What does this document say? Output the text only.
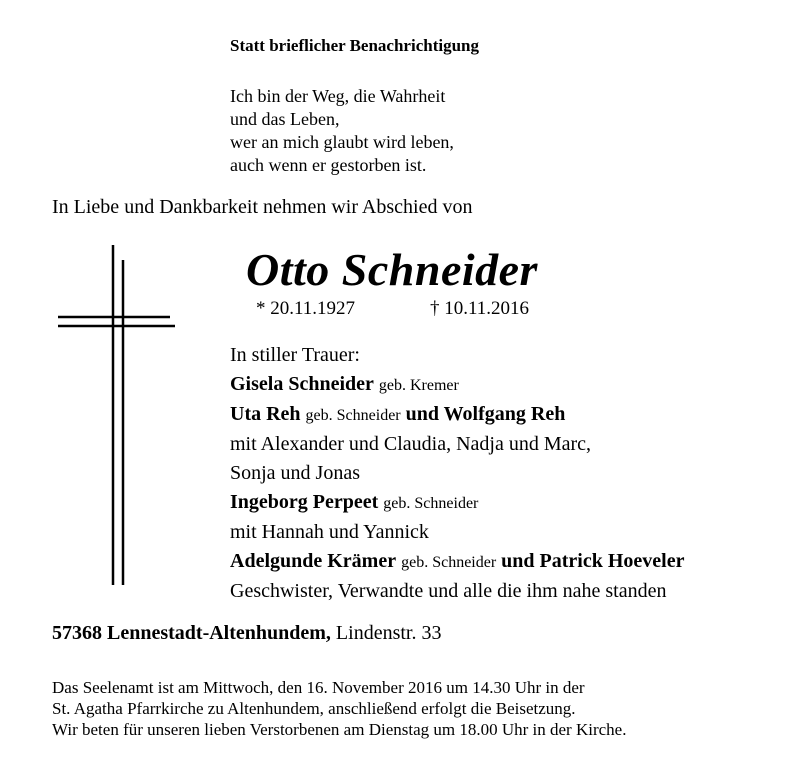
Statt brieflicher Benachrichtigung
Ich bin der Weg, die Wahrheit
und das Leben,
wer an mich glaubt wird leben,
auch wenn er gestorben ist.
In Liebe und Dankbarkeit nehmen wir Abschied von
Otto Schneider
* 20.11.1927	† 10.11.2016
In stiller Trauer:
Gisela Schneider geb. Kremer
Uta Reh geb. Schneider und Wolfgang Reh
mit Alexander und Claudia, Nadja und Marc,
Sonja und Jonas
Ingeborg Perpeet geb. Schneider
mit Hannah und Yannick
Adelgunde Krämer geb. Schneider und Patrick Hoeveler
Geschwister, Verwandte und alle die ihm nahe standen
57368 Lennestadt-Altenhundem, Lindenstr. 33
Das Seelenamt ist am Mittwoch, den 16. November 2016 um 14.30 Uhr in der
St. Agatha Pfarrkirche zu Altenhundem, anschließend erfolgt die Beisetzung.
Wir beten für unseren lieben Verstorbenen am Dienstag um 18.00 Uhr in der Kirche.
